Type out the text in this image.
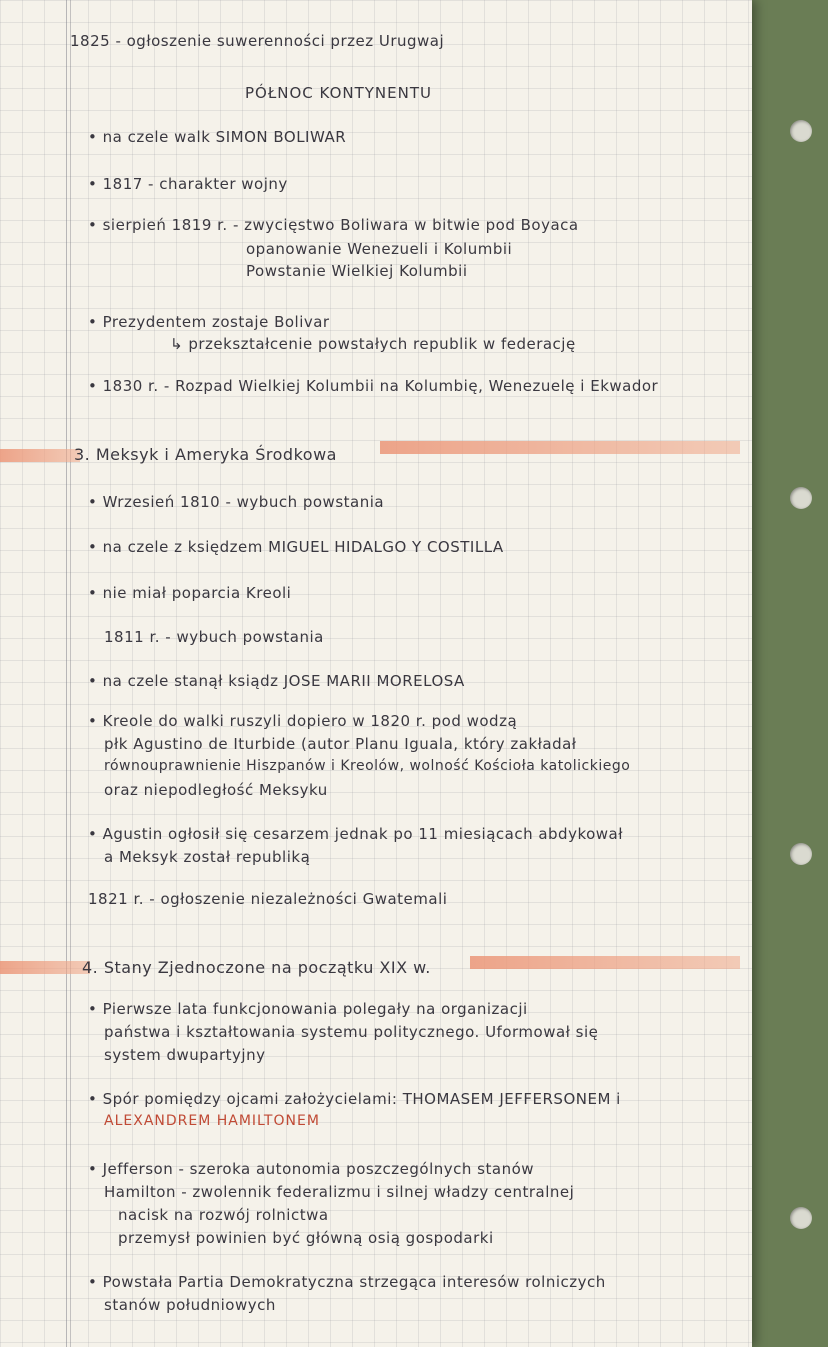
1825 - ogłoszenie suwerenności przez Urugwaj
PÓŁNOC KONTYNENTU
• na czele walk SIMON BOLIWAR
• 1817 - charakter wojny
• sierpień 1819 r. - zwycięstwo Boliwara w bitwie pod Boyaca
opanowanie Wenezueli i Kolumbii
Powstanie Wielkiej Kolumbii
• Prezydentem zostaje Bolivar
↳ przekształcenie powstałych republik w federację
• 1830 r. - Rozpad Wielkiej Kolumbii na Kolumbię, Wenezuelę i Ekwador
3. Meksyk i Ameryka Środkowa
• Wrzesień 1810 - wybuch powstania
• na czele z księdzem MIGUEL HIDALGO Y COSTILLA
• nie miał poparcia Kreoli
1811 r. - wybuch powstania
• na czele stanął ksiądz JOSE MARII MORELOSA
• Kreole do walki ruszyli dopiero w 1820 r. pod wodzą
płk Agustino de Iturbide (autor Planu Iguala, który zakładał
równouprawnienie Hiszpanów i Kreolów, wolność Kościoła katolickiego
oraz niepodległość Meksyku
• Agustin ogłosił się cesarzem jednak po 11 miesiącach abdykował
a Meksyk został republiką
1821 r. - ogłoszenie niezależności Gwatemali
4. Stany Zjednoczone na początku XIX w.
• Pierwsze lata funkcjonowania polegały na organizacji
państwa i kształtowania systemu politycznego. Uformował się
system dwupartyjny
• Spór pomiędzy ojcami założycielami: THOMASEM JEFFERSONEM i
ALEXANDREM HAMILTONEM
• Jefferson - szeroka autonomia poszczególnych stanów
Hamilton - zwolennik federalizmu i silnej władzy centralnej
nacisk na rozwój rolnictwa
przemysł powinien być główną osią gospodarki
• Powstała Partia Demokratyczna strzegąca interesów rolniczych
stanów południowych
